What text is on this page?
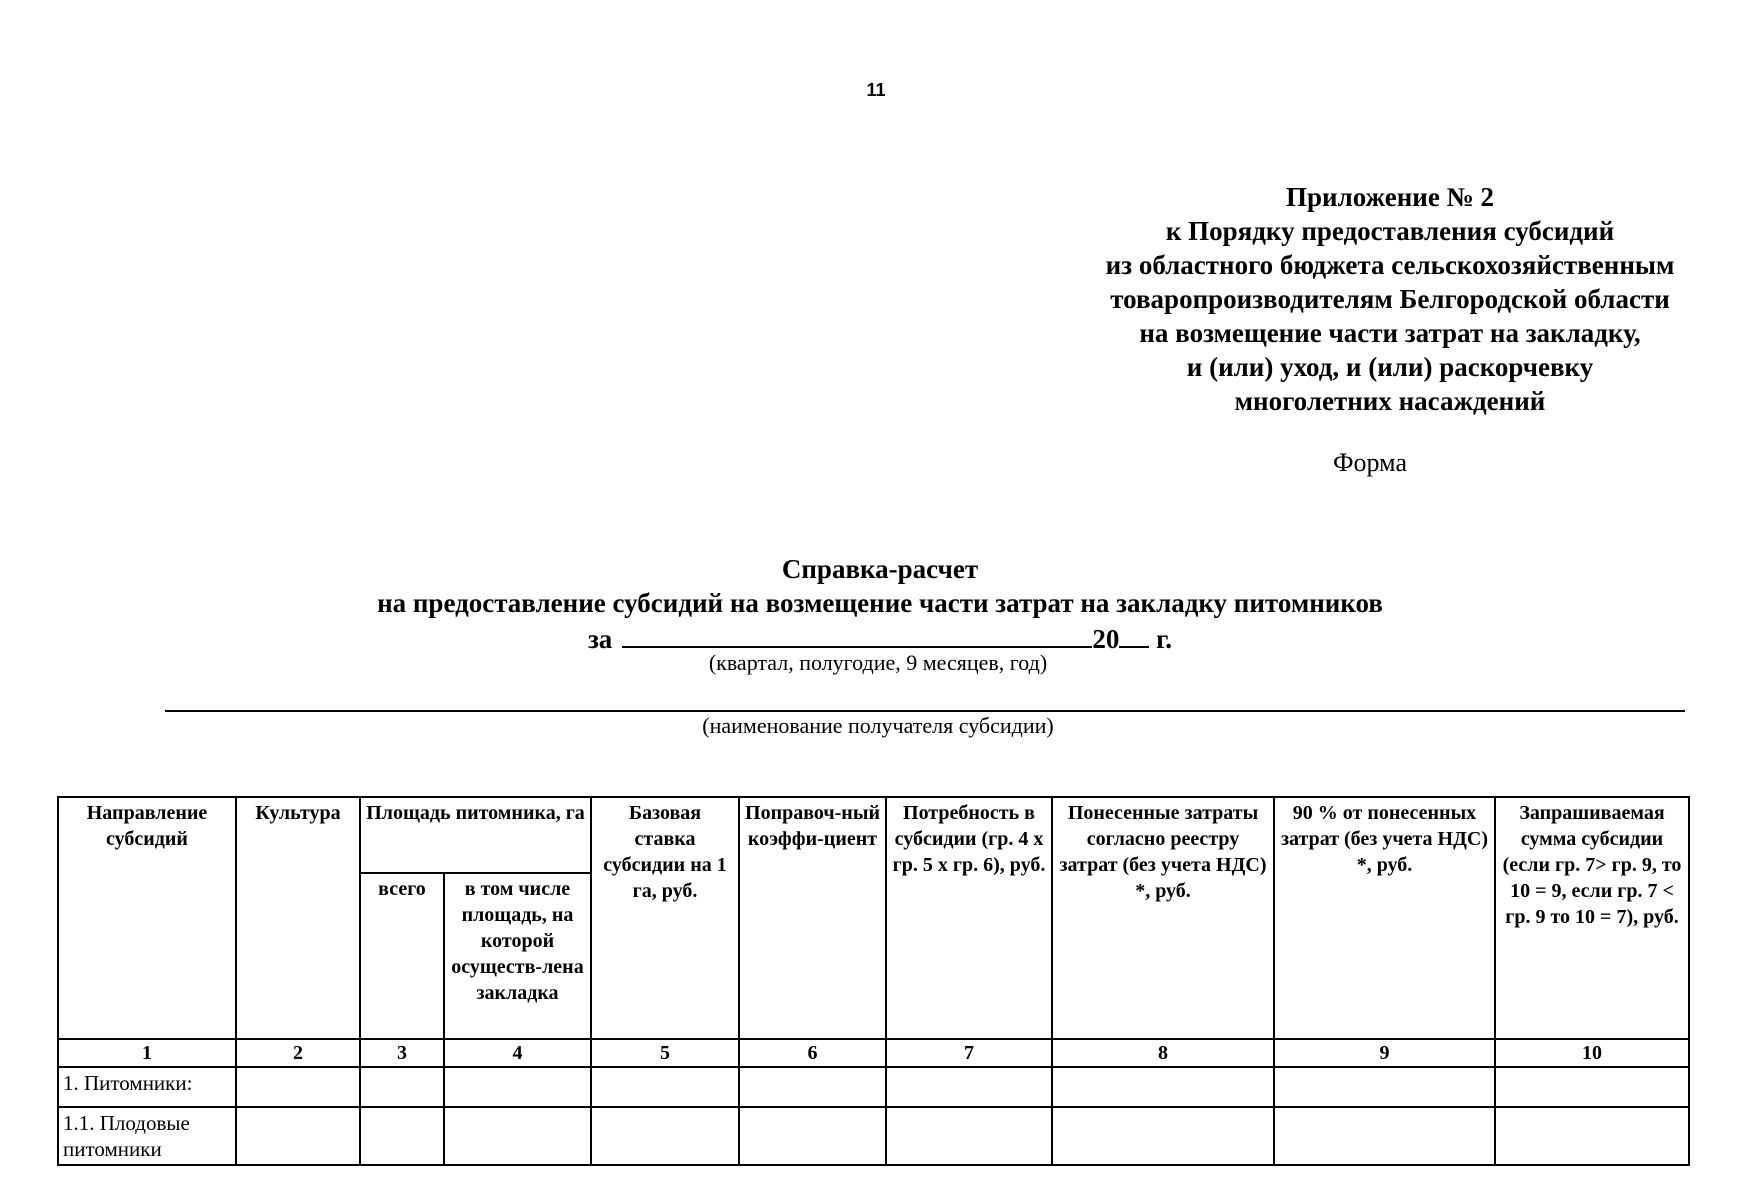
11
Приложение № 2
к Порядку предоставления субсидий
из областного бюджета сельскохозяйственным
товаропроизводителям Белгородской области
на возмещение части затрат на закладку,
и (или) уход, и (или) раскорчевку
многолетних насаждений
Форма
Справка-расчет
на предоставление субсидий на возмещение части затрат на закладку питомников
за	20 г.
(квартал, полугодие, 9 месяцев, год)
(наименование получателя субсидии)
Направление субсидий	Культура	Площадь питомника, га		Базовая ставка субсидии на 1 га, руб.	Поправоч-ный коэффи-циент	Потребность в субсидии (гр. 4 х гр. 5 х гр. 6), руб.	Понесенные затраты согласно реестру затрат (без учета НДС) *, руб.	90 % от понесенных затрат (без учета НДС) *, руб.	Запрашиваемая сумма субсидии (если гр. 7> гр. 9, то 10 = 9, если гр. 7 < гр. 9 то 10 = 7), руб.
		всего	в том числе площадь, на которой осуществ-лена закладка						
1	2	3	4	5	6	7	8	9	10
1. Питомники:									
1.1. Плодовые питомники									
